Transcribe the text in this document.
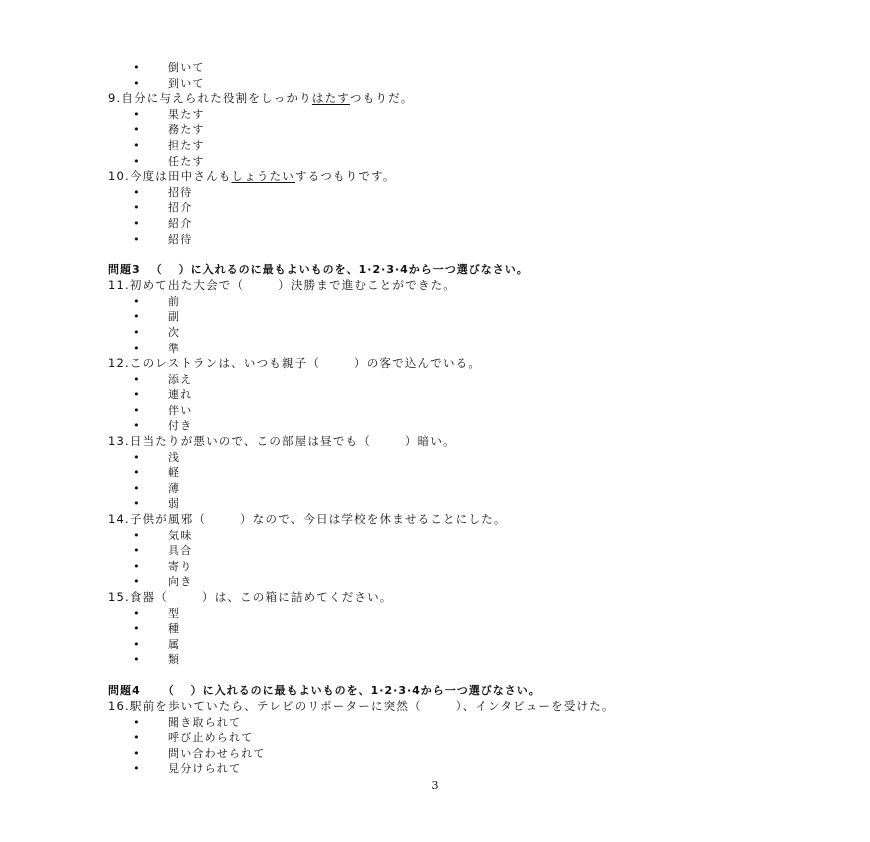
• 倒いて
• 到いて
9.自分に与えられた役割をしっかりはたすつもりだ。
• 果たす
• 務たす
• 担たす
• 任たす
10.今度は田中さんもしょうたいするつもりです。
• 招待
• 招介
• 紹介
• 紹待
問題3 （ ）に入れるのに最もよいものを、1·2·3·4から一つ選びなさい。
11.初めて出た大会で（	）決勝まで進むことができた。
• 前
• 副
• 次
• 準
12.このレストランは、いつも親子（	）の客で込んでいる。
• 添え
• 連れ
• 伴い
• 付き
13.日当たりが悪いので、この部屋は昼でも（	）暗い。
• 浅
• 軽
• 薄
• 弱
14.子供が風邪（	）なので、今日は学校を休ませることにした。
• 気味
• 具合
• 寄り
• 向き
15.食器（	）は、この箱に詰めてください。
• 型
• 種
• 属
• 類
問題4 （ ）に入れるのに最もよいものを、1·2·3·4から一つ選びなさい。
16.駅前を歩いていたら、テレビのリポーターに突然（	）、インタビューを受けた。
• 聞き取られて
• 呼び止められて
• 問い合わせられて
• 見分けられて
3
